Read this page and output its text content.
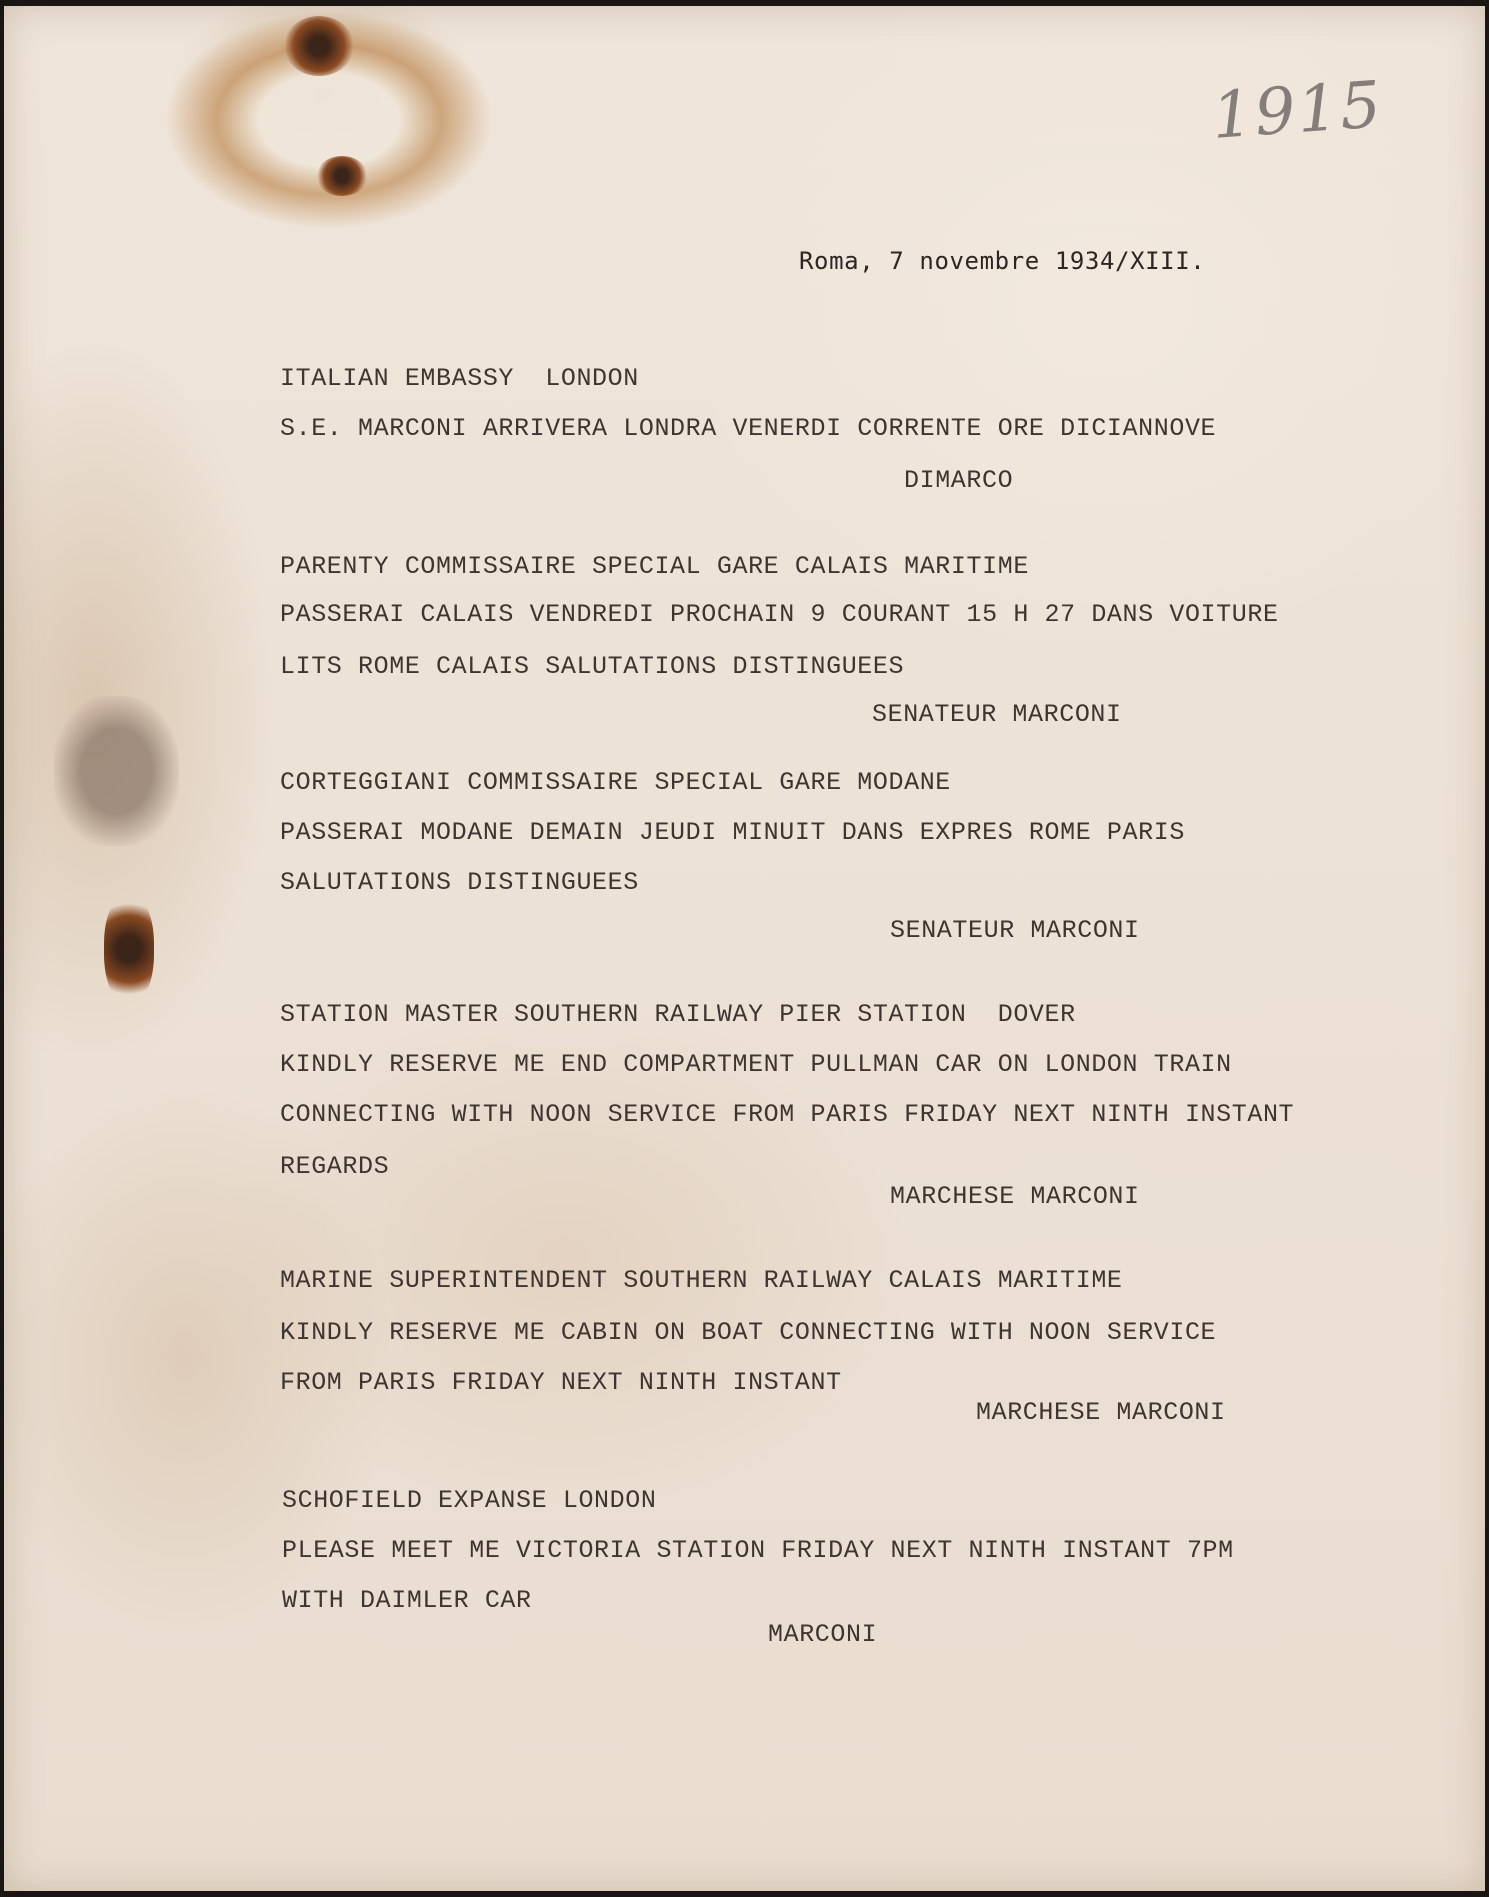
1915

Roma, 7 novembre 1934/XIII.

ITALIAN EMBASSY  LONDON

S.E. MARCONI ARRIVERA LONDRA VENERDI CORRENTE ORE DICIANNOVE

DIMARCO

PARENTY COMMISSAIRE SPECIAL GARE CALAIS MARITIME

PASSERAI CALAIS VENDREDI PROCHAIN 9 COURANT 15 H 27 DANS VOITURE

LITS ROME CALAIS SALUTATIONS DISTINGUEES

SENATEUR MARCONI

CORTEGGIANI COMMISSAIRE SPECIAL GARE MODANE

PASSERAI MODANE DEMAIN JEUDI MINUIT DANS EXPRES ROME PARIS

SALUTATIONS DISTINGUEES

SENATEUR MARCONI

STATION MASTER SOUTHERN RAILWAY PIER STATION  DOVER

KINDLY RESERVE ME END COMPARTMENT PULLMAN CAR ON LONDON TRAIN

CONNECTING WITH NOON SERVICE FROM PARIS FRIDAY NEXT NINTH INSTANT

REGARDS

MARCHESE MARCONI

MARINE SUPERINTENDENT SOUTHERN RAILWAY CALAIS MARITIME

KINDLY RESERVE ME CABIN ON BOAT CONNECTING WITH NOON SERVICE

FROM PARIS FRIDAY NEXT NINTH INSTANT

MARCHESE MARCONI

SCHOFIELD EXPANSE LONDON

PLEASE MEET ME VICTORIA STATION FRIDAY NEXT NINTH INSTANT 7PM

WITH DAIMLER CAR

MARCONI
